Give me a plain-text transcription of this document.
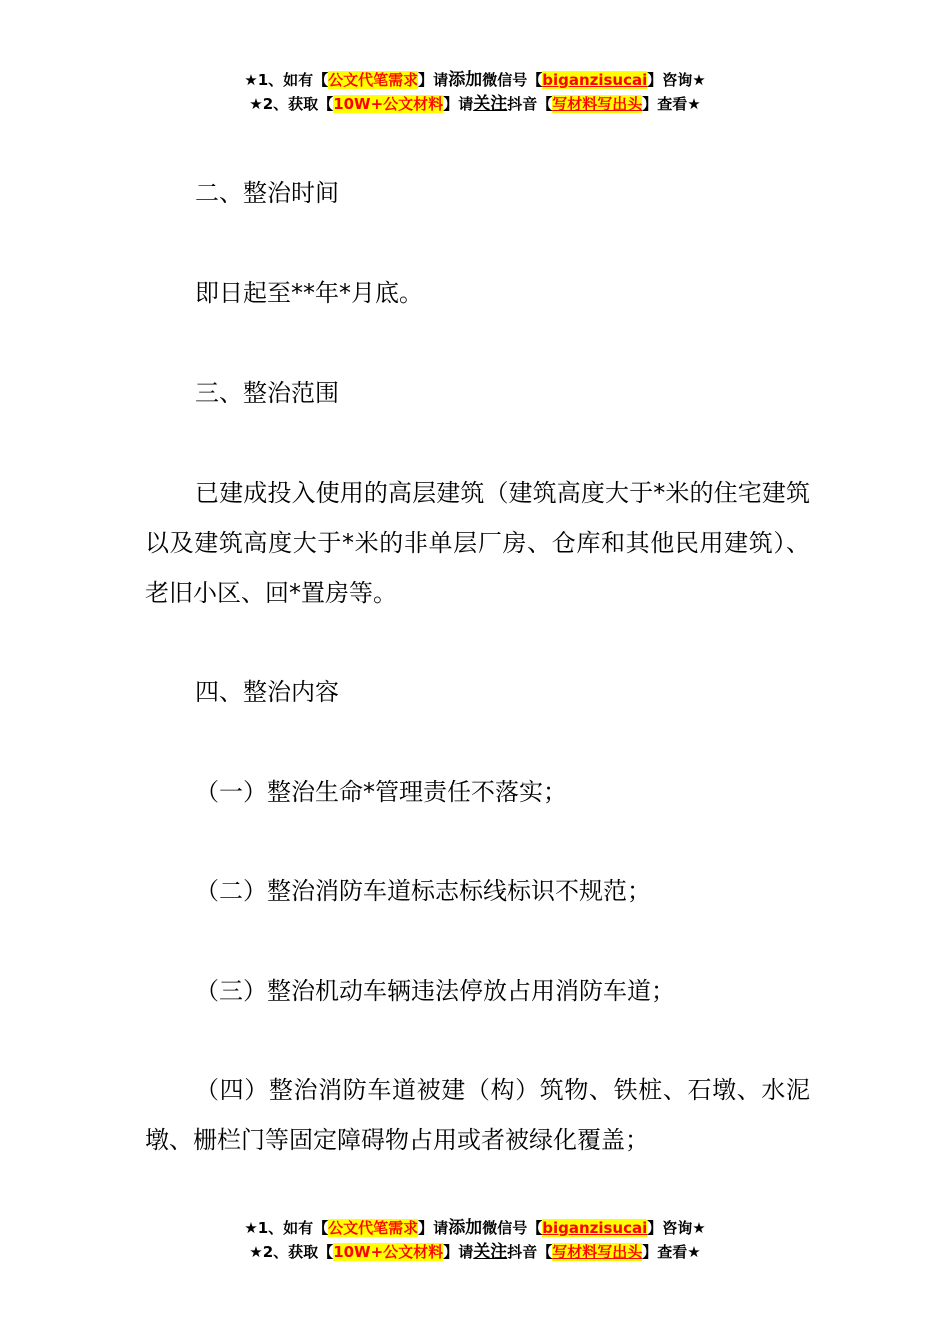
★1、如有【公文代笔需求】请添加微信号【biganzisucai】咨询★
★2、获取【10W+公文材料】请关注抖音【写材料写出头】查看★

二、整治时间

即日起至**年*月底。

三、整治范围

已建成投入使用的高层建筑（建筑高度大于*米的住宅建筑以及建筑高度大于*米的非单层厂房、仓库和其他民用建筑）、老旧小区、回*置房等。

四、整治内容

（一）整治生命*管理责任不落实；

（二）整治消防车道标志标线标识不规范；

（三）整治机动车辆违法停放占用消防车道；

（四）整治消防车道被建（构）筑物、铁桩、石墩、水泥墩、栅栏门等固定障碍物占用或者被绿化覆盖；

★1、如有【公文代笔需求】请添加微信号【biganzisucai】咨询★
★2、获取【10W+公文材料】请关注抖音【写材料写出头】查看★
